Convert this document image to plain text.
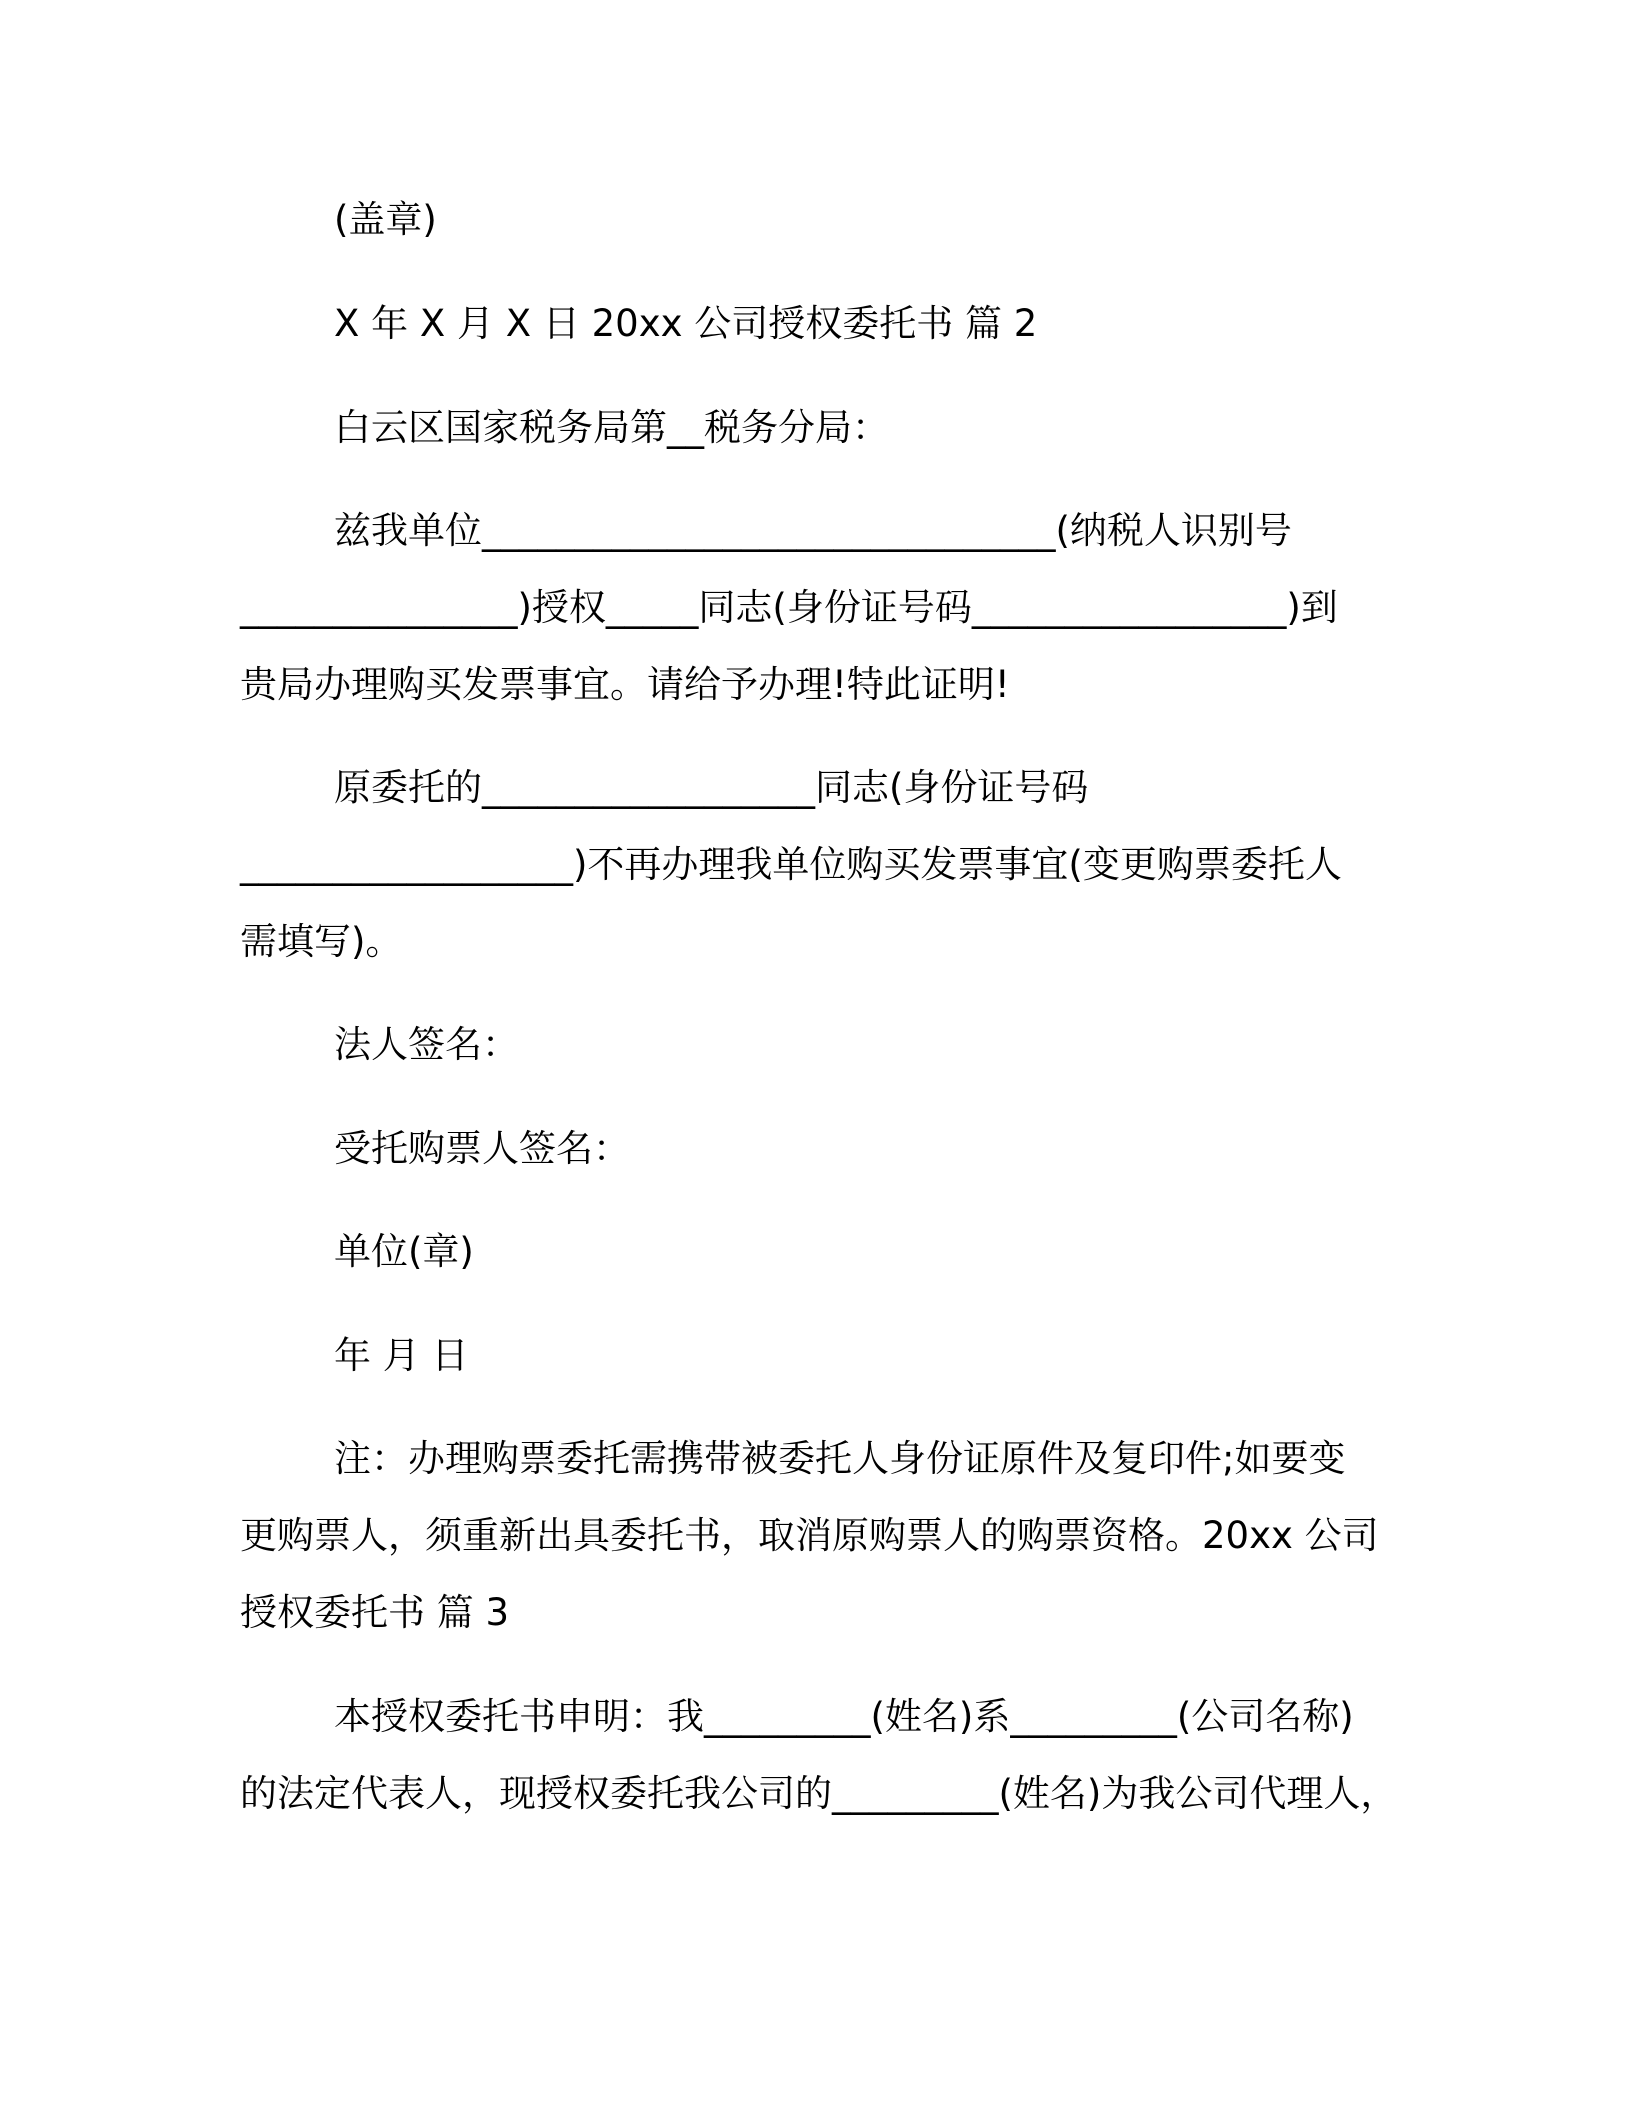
(盖章)
X 年 X 月 X 日 20xx 公司授权委托书 篇 2
白云区国家税务局第__税务分局：
兹我单位_______________________________(纳税人识别号
_______________)授权_____同志(身份证号码_________________)到
贵局办理购买发票事宜。请给予办理!特此证明!
原委托的__________________同志(身份证号码
__________________)不再办理我单位购买发票事宜(变更购票委托人
需填写)。
法人签名：
受托购票人签名：
单位(章)
年 月 日
注：办理购票委托需携带被委托人身份证原件及复印件;如要变
更购票人，须重新出具委托书，取消原购票人的购票资格。20xx 公司
授权委托书 篇 3
本授权委托书申明：我_________(姓名)系_________(公司名称)
的法定代表人，现授权委托我公司的_________(姓名)为我公司代理人，
